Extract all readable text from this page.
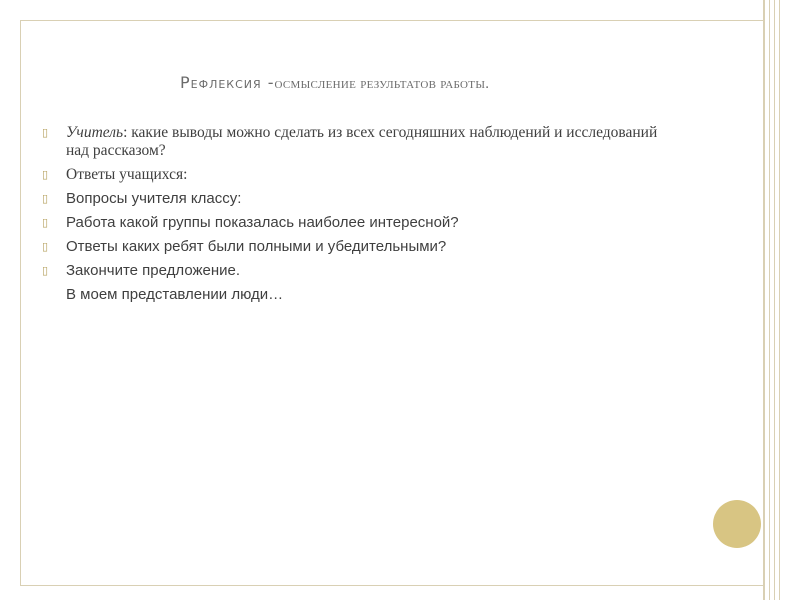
Рефлексия -осмысление результатов работы.
▯	Учитель: какие выводы можно сделать из всех сегодняшних наблюдений и исследований над рассказом?
▯	Ответы учащихся:
▯	Вопросы учителя классу:
▯	Работа какой группы показалась наиболее интересной?
▯	Ответы каких ребят были полными и убедительными?
▯	Закончите предложение.
В моем представлении люди…
